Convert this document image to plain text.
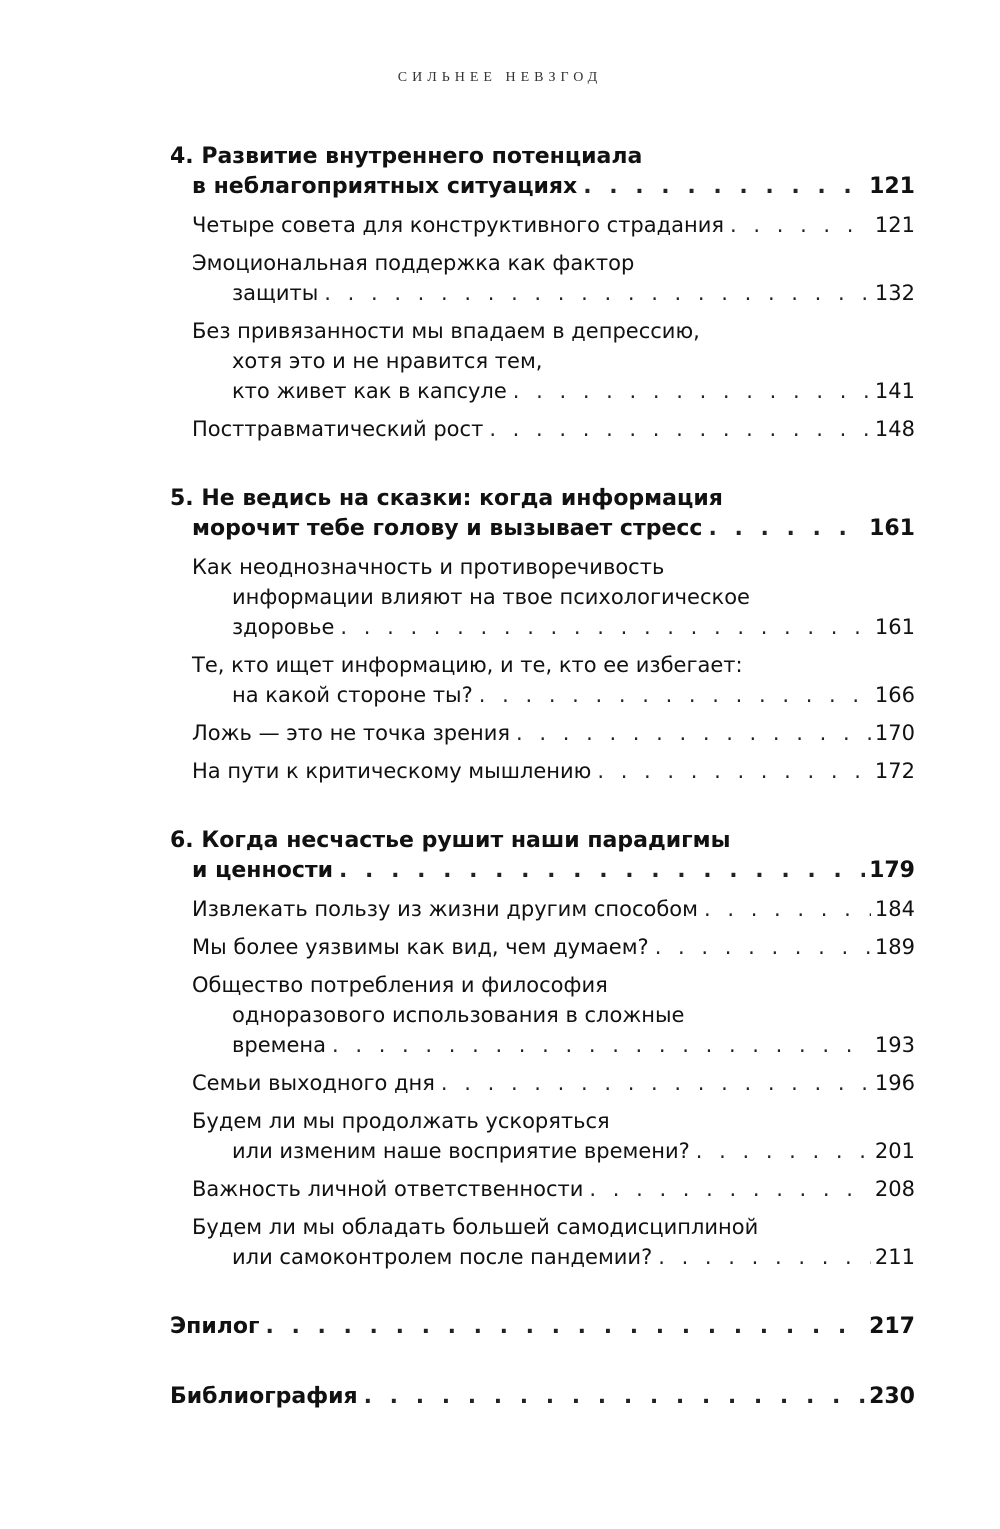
СИЛЬНЕЕ НЕВЗГОД
4. Развитие внутреннего потенциала
в неблагоприятных ситуациях . . .	121
Четыре совета для конструктивного страдания . . .	121
Эмоциональная поддержка как фактор
защиты . . .	132
Без привязанности мы впадаем в депрессию,
хотя это и не нравится тем,
кто живет как в капсуле . . .	141
Посттравматический рост . . .	148
5. Не ведись на сказки: когда информация
морочит тебе голову и вызывает стресс . . .	161
Как неоднозначность и противоречивость
информации влияют на твое психологическое
здоровье . . .	161
Те, кто ищет информацию, и те, кто ее избегает:
на какой стороне ты? . . .	166
Ложь — это не точка зрения . . .	170
На пути к критическому мышлению . . .	172
6. Когда несчастье рушит наши парадигмы
и ценности . . .	179
Извлекать пользу из жизни другим способом . . .	184
Мы более уязвимы как вид, чем думаем? . . .	189
Общество потребления и философия
одноразового использования в сложные
времена . . .	193
Семьи выходного дня . . .	196
Будем ли мы продолжать ускоряться
или изменим наше восприятие времени? . . .	201
Важность личной ответственности . . .	208
Будем ли мы обладать большей самодисциплиной
или самоконтролем после пандемии? . . .	211
Эпилог . . .	217
Библиография . . .	230
